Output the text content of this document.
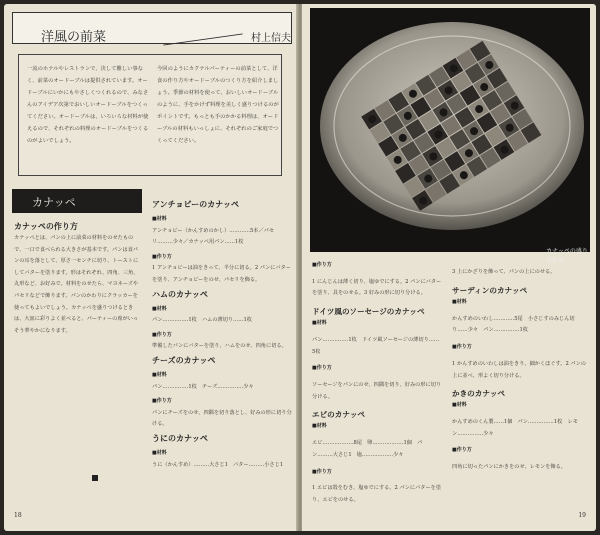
洋風の前菜	村上信夫
一流のホテルやレストランで、決して難しい事なく、前菜のオードーブルは提供されています。オードーブルにいかにもやさしくつくれるので、みなさんのアイデア次第でおいしいオードーブルをつくってください。オードーブルは、いろいろな材料が使えるので、それぞれの料理のオードーブルをつくるのがよいでしょう。
今回のようにカクテルパーティーの前菜として、洋食の作り方やオードーブルのつくり方を紹介しましょう。季節の材料を使って、おいしいオードーブルのように、手をかけず料理を美しく盛りつけるのがポイントです。もっとも手のかかる料理は、オードーブルの材料もいっしょに、それぞれのご家庭でつくってください。
カナッペ
カナッペの作り方

カナッペとは、パンの上に前菜の材料をのせたもので、一口で食べられる大きさが基本です。パンは食パンの耳を落として、厚さ一センチに切り、トーストにしてバターを塗ります。形はそれぞれ、四角、三角、丸形など、お好みで。材料をのせたら、マヨネーズやパセリなどで飾ります。パンのかわりにクラッカーを使ってもよいでしょう。カナッペを盛りつけるときは、大皿に彩りよく並べると、パーティーの席がいっそう華やかになります。

アンチョビーのカナッペ
■材料

アンチョビー（かんすめのかし）…………5本／パセリ………少々／カナッペ用パン……1枚

■作り方

1 アンチョビーは油をきって、半分に切る。2 パンにバターを塗り、アンチョビーをのせ、パセリを飾る。

ハムのカナッペ
■材料

パン……………1枚　ハムの薄切り……1枚

■作り方

準備したパンにバターを塗り、ハムをのせ、四角に切る。

チーズのカナッペ
■材料

パン……………1枚　チーズ……………少々

■作り方

パンにチーズをのせ、四隅を切り落とし、好みの形に切り分ける。

うにのカナッペ
■材料

うに（かんすめ）………大さじ1　バター………小さじ1

18
カナッペの盛り合わせ
■作り方

1 にんじんは薄く切り、塩ゆでにする。2 パンにバターを塗り、具をのせる。3 好みの形に切り分ける。

ドイツ風のソーセージのカナッペ
■材料

パン……………1枚　ドイツ風ソーセージの薄切り……5枚

■作り方

ソーセージをパンにのせ、四隅を切り、好みの形に切り分ける。

エビのカナッペ
■材料

エビ………………8尾　卵………………1個　パン………大さじ1　塩………………少々

■作り方

1 エビは殻をむき、塩ゆでにする。2 パンにバターを塗り、エビをのせる。

3 上にかざりを飾って、パンの上にのせる。

サーディンのカナッペ
■材料

かんすめのいわし…………5尾　小さじすのみじん切り……少々　パン……………1枚

■作り方

1 かんすめのいわしは油をきり、細かくほぐす。2 パンの上に並べ、形よく切り分ける。

かきのカナッペ
■材料

かんすめのくん製……1個　パン……………1枚　レモン……………少々

■作り方

四角に切ったパンにかきをのせ、レモンを飾る。

19
